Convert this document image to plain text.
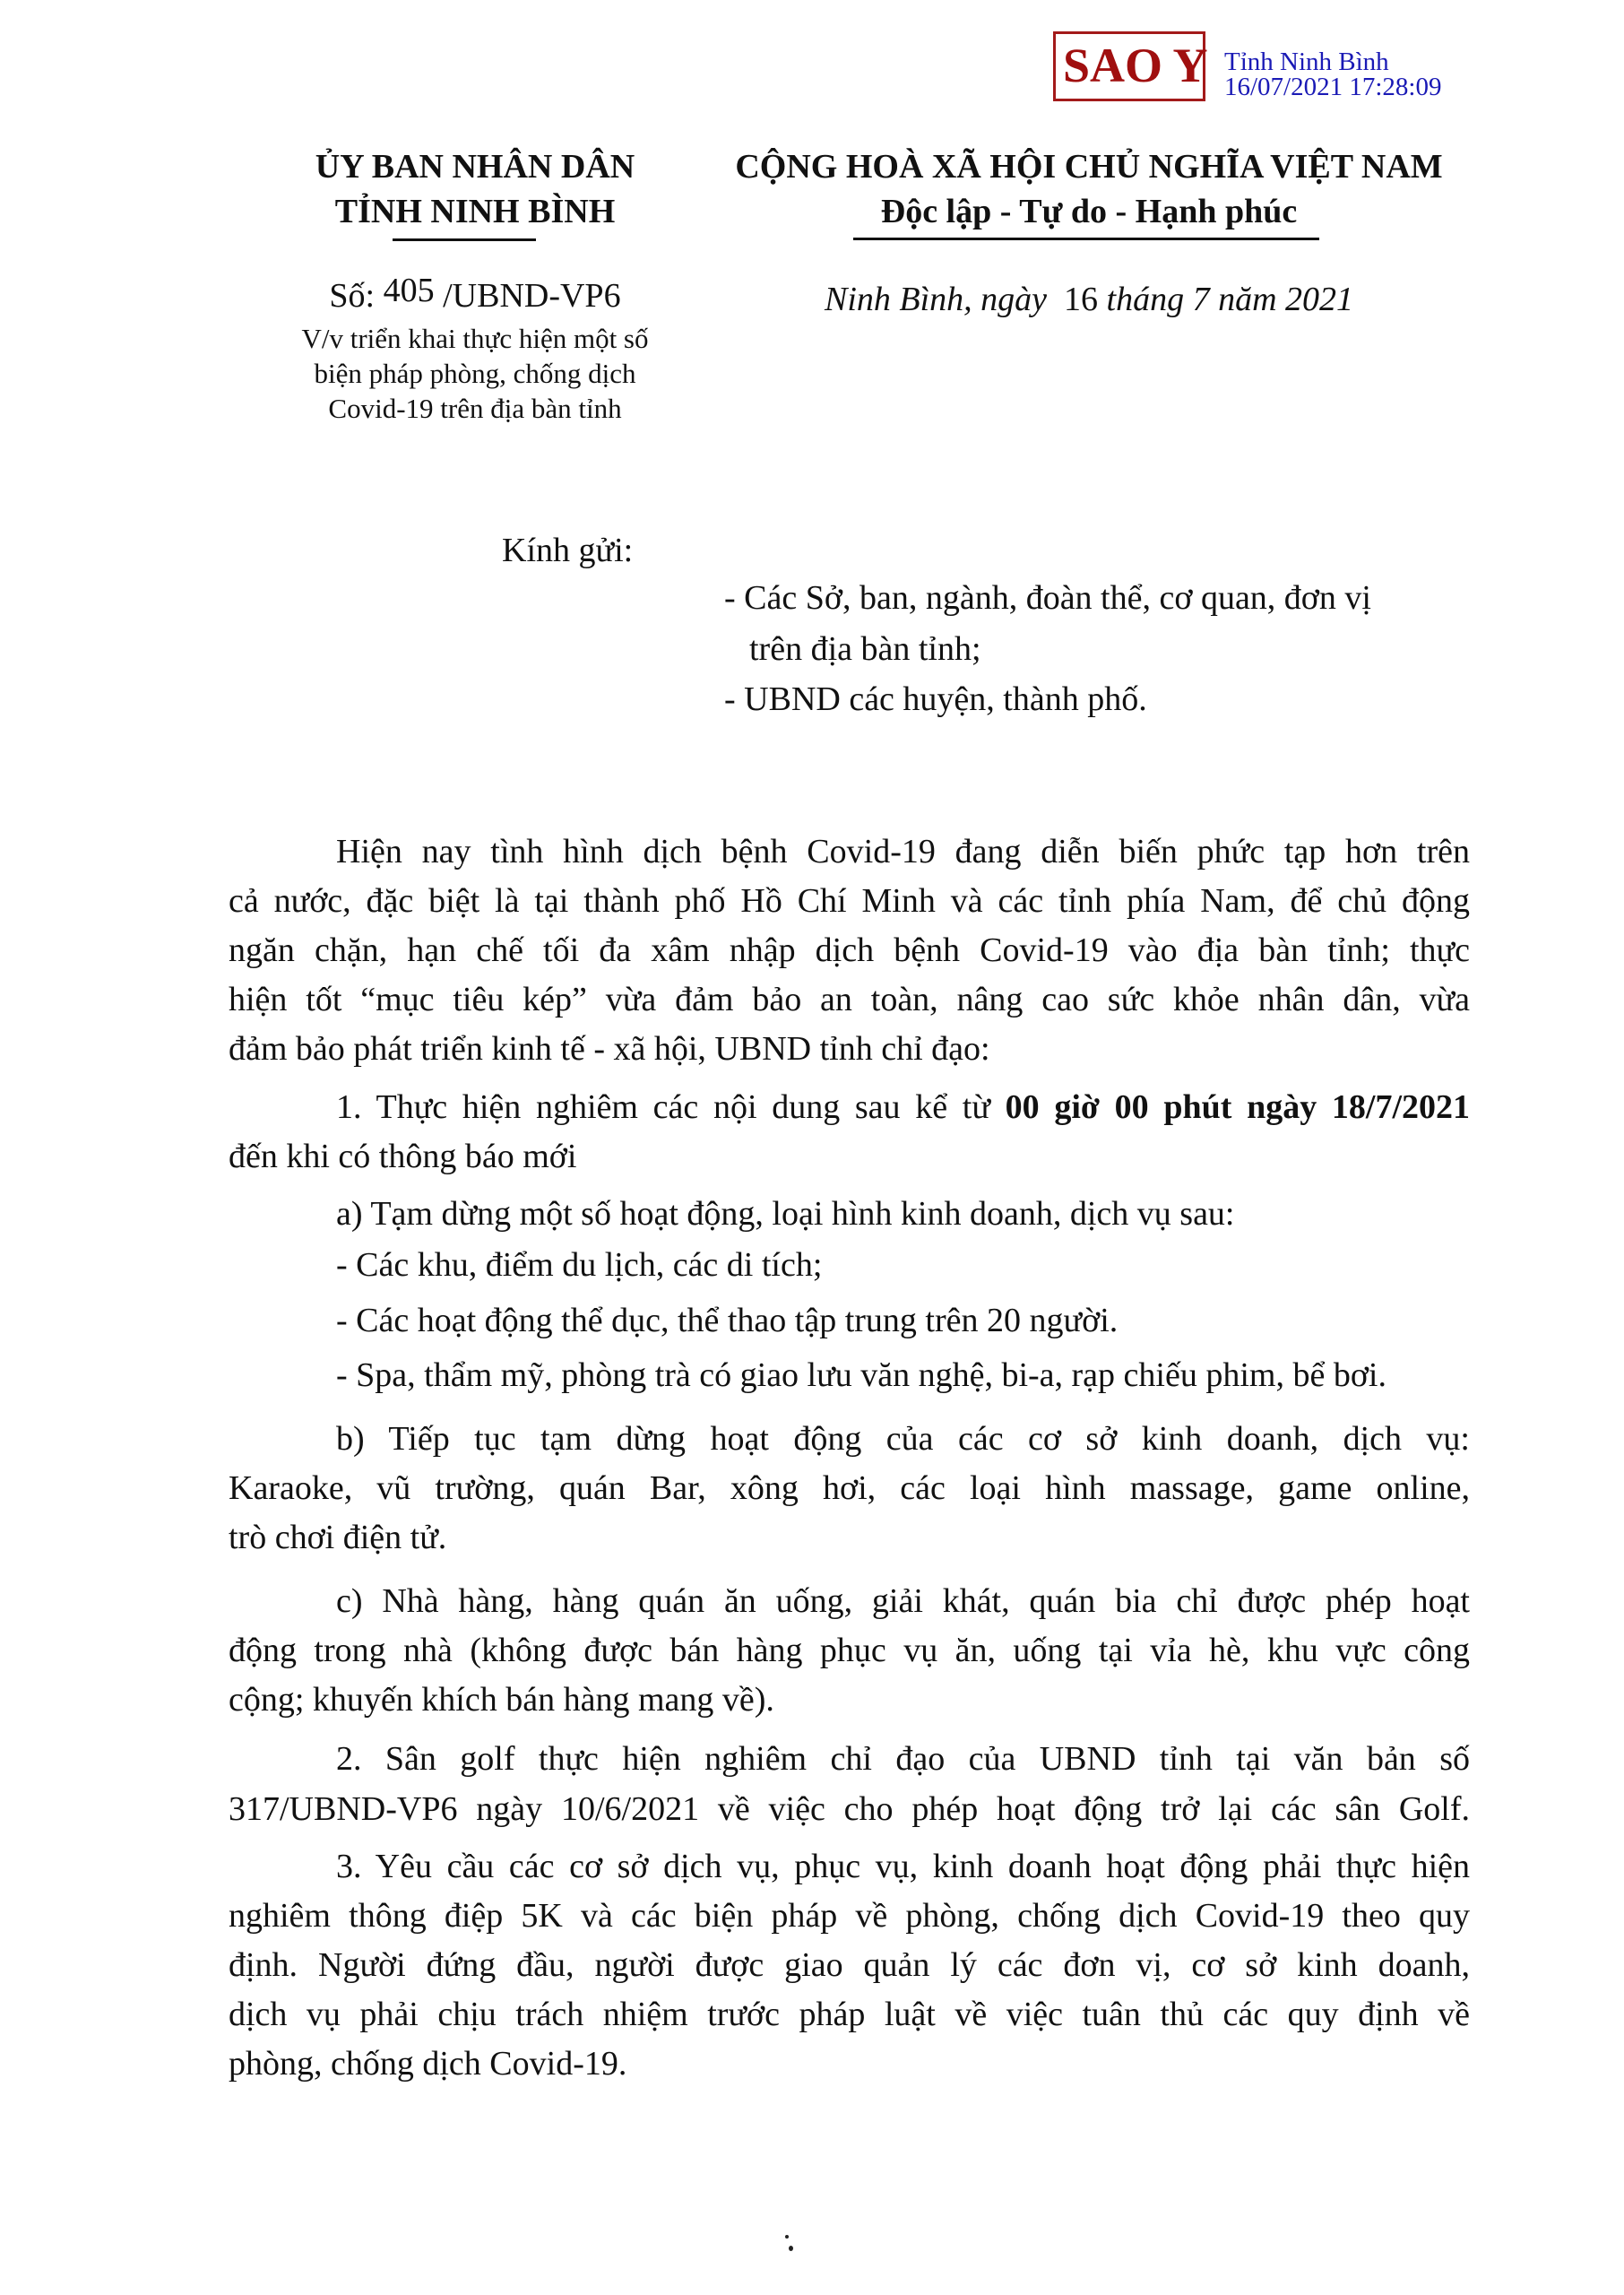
SAO Y Tỉnh Ninh Bình
16/07/2021 17:28:09
ỦY BAN NHÂN DÂN
TỈNH NINH BÌNH
CỘNG HOÀ XÃ HỘI CHỦ NGHĨA VIỆT NAM
Độc lập - Tự do - Hạnh phúc
Số: 405 /UBND-VP6
V/v triển khai thực hiện một số
biện pháp phòng, chống dịch
Covid-19 trên địa bàn tỉnh
Ninh Bình, ngày 16 tháng 7 năm 2021
Kính gửi:
- Các Sở, ban, ngành, đoàn thể, cơ quan, đơn vị
trên địa bàn tỉnh;
- UBND các huyện, thành phố.
Hiện nay tình hình dịch bệnh Covid-19 đang diễn biến phức tạp hơn trên
cả nước, đặc biệt là tại thành phố Hồ Chí Minh và các tỉnh phía Nam, để chủ động
ngăn chặn, hạn chế tối đa xâm nhập dịch bệnh Covid-19 vào địa bàn tỉnh; thực
hiện tốt “mục tiêu kép” vừa đảm bảo an toàn, nâng cao sức khỏe nhân dân, vừa
đảm bảo phát triển kinh tế - xã hội, UBND tỉnh chỉ đạo:
1. Thực hiện nghiêm các nội dung sau kể từ 00 giờ 00 phút ngày 18/7/2021
đến khi có thông báo mới
a) Tạm dừng một số hoạt động, loại hình kinh doanh, dịch vụ sau:
- Các khu, điểm du lịch, các di tích;
- Các hoạt động thể dục, thể thao tập trung trên 20 người.
- Spa, thẩm mỹ, phòng trà có giao lưu văn nghệ, bi-a, rạp chiếu phim, bể bơi.
b) Tiếp tục tạm dừng hoạt động của các cơ sở kinh doanh, dịch vụ:
Karaoke, vũ trường, quán Bar, xông hơi, các loại hình massage, game online,
trò chơi điện tử.
c) Nhà hàng, hàng quán ăn uống, giải khát, quán bia chỉ được phép hoạt
động trong nhà (không được bán hàng phục vụ ăn, uống tại vỉa hè, khu vực công
cộng; khuyến khích bán hàng mang về).
2. Sân golf thực hiện nghiêm chỉ đạo của UBND tỉnh tại văn bản số
317/UBND-VP6 ngày 10/6/2021 về việc cho phép hoạt động trở lại các sân Golf.
3. Yêu cầu các cơ sở dịch vụ, phục vụ, kinh doanh hoạt động phải thực hiện
nghiêm thông điệp 5K và các biện pháp về phòng, chống dịch Covid-19 theo quy
định. Người đứng đầu, người được giao quản lý các đơn vị, cơ sở kinh doanh,
dịch vụ phải chịu trách nhiệm trước pháp luật về việc tuân thủ các quy định về
phòng, chống dịch Covid-19.
